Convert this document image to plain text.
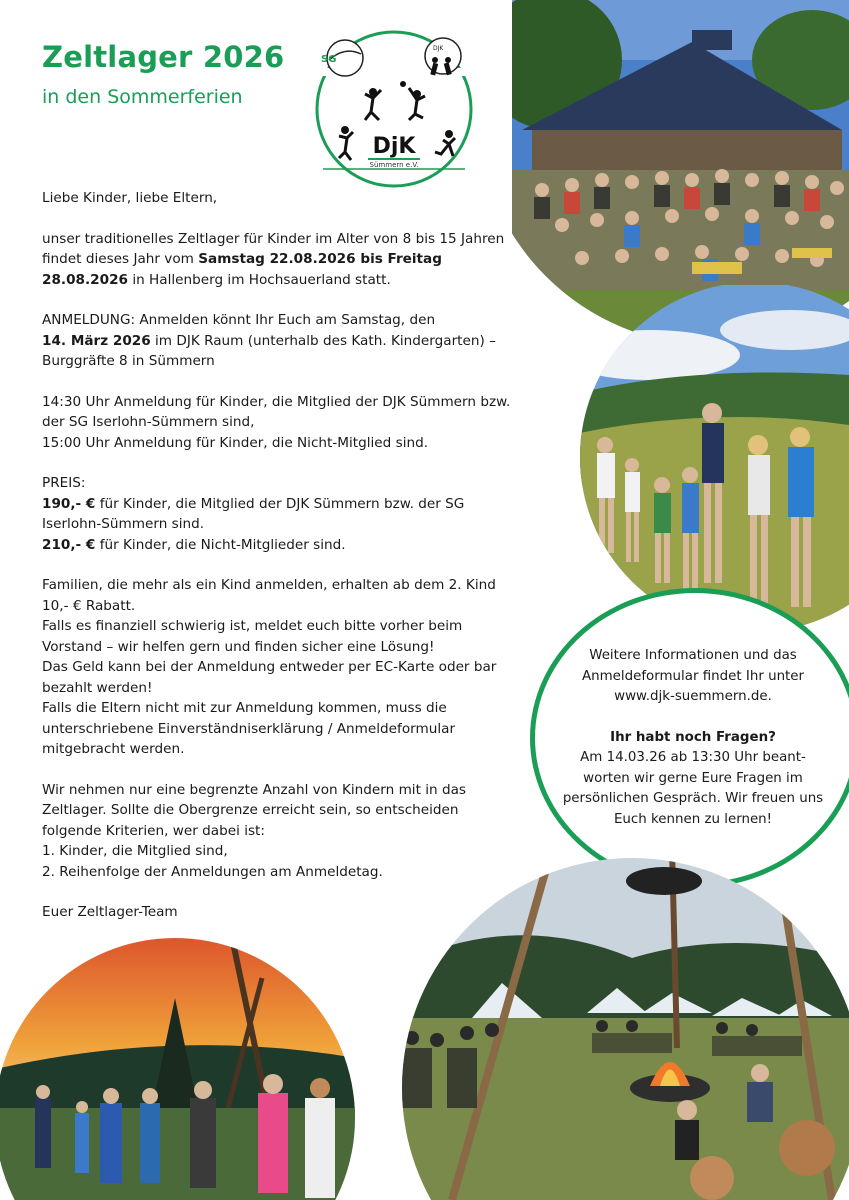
Zeltlager 2026
in den Sommerferien
SG
DJK
DjK
Sümmern e.V.

Liebe Kinder, liebe Eltern,

unser traditionelles Zeltlager für Kinder im Alter von 8 bis 15 Jahren findet dieses Jahr vom Samstag 22.08.2026 bis Freitag 28.08.2026 in Hallenberg im Hochsauerland statt.

ANMELDUNG: Anmelden könnt Ihr Euch am Samstag, den
14. März 2026 im DJK Raum (unterhalb des Kath. Kindergarten) – Burggräfte 8 in Sümmern

14:30 Uhr Anmeldung für Kinder, die Mitglied der DJK Sümmern bzw. der SG Iserlohn-Sümmern sind,
15:00 Uhr Anmeldung für Kinder, die Nicht-Mitglied sind.

PREIS:
190,- € für Kinder, die Mitglied der DJK Sümmern bzw. der SG Iserlohn-Sümmern sind.
210,- € für Kinder, die Nicht-Mitglieder sind.

Familien, die mehr als ein Kind anmelden, erhalten ab dem 2. Kind 10,- € Rabatt.
Falls es finanziell schwierig ist, meldet euch bitte vorher beim Vorstand – wir helfen gern und finden sicher eine Lösung!
Das Geld kann bei der Anmeldung entweder per EC-Karte oder bar bezahlt werden!
Falls die Eltern nicht mit zur Anmeldung kommen, muss die unterschriebene Einverständniserklärung / Anmeldeformular mitgebracht werden.

Wir nehmen nur eine begrenzte Anzahl von Kindern mit in das Zeltlager. Sollte die Obergrenze erreicht sein, so entscheiden folgende Kriterien, wer dabei ist:
1. Kinder, die Mitglied sind,
2. Reihenfolge der Anmeldungen am Anmeldetag.

Euer Zeltlager-Team

Weitere Informationen und das Anmeldeformular findet Ihr unter www.djk-suemmern.de.
Ihr habt noch Fragen?
Am 14.03.26 ab 13:30 Uhr beant-worten wir gerne Eure Fragen im persönlichen Gespräch. Wir freuen uns Euch kennen zu lernen!
